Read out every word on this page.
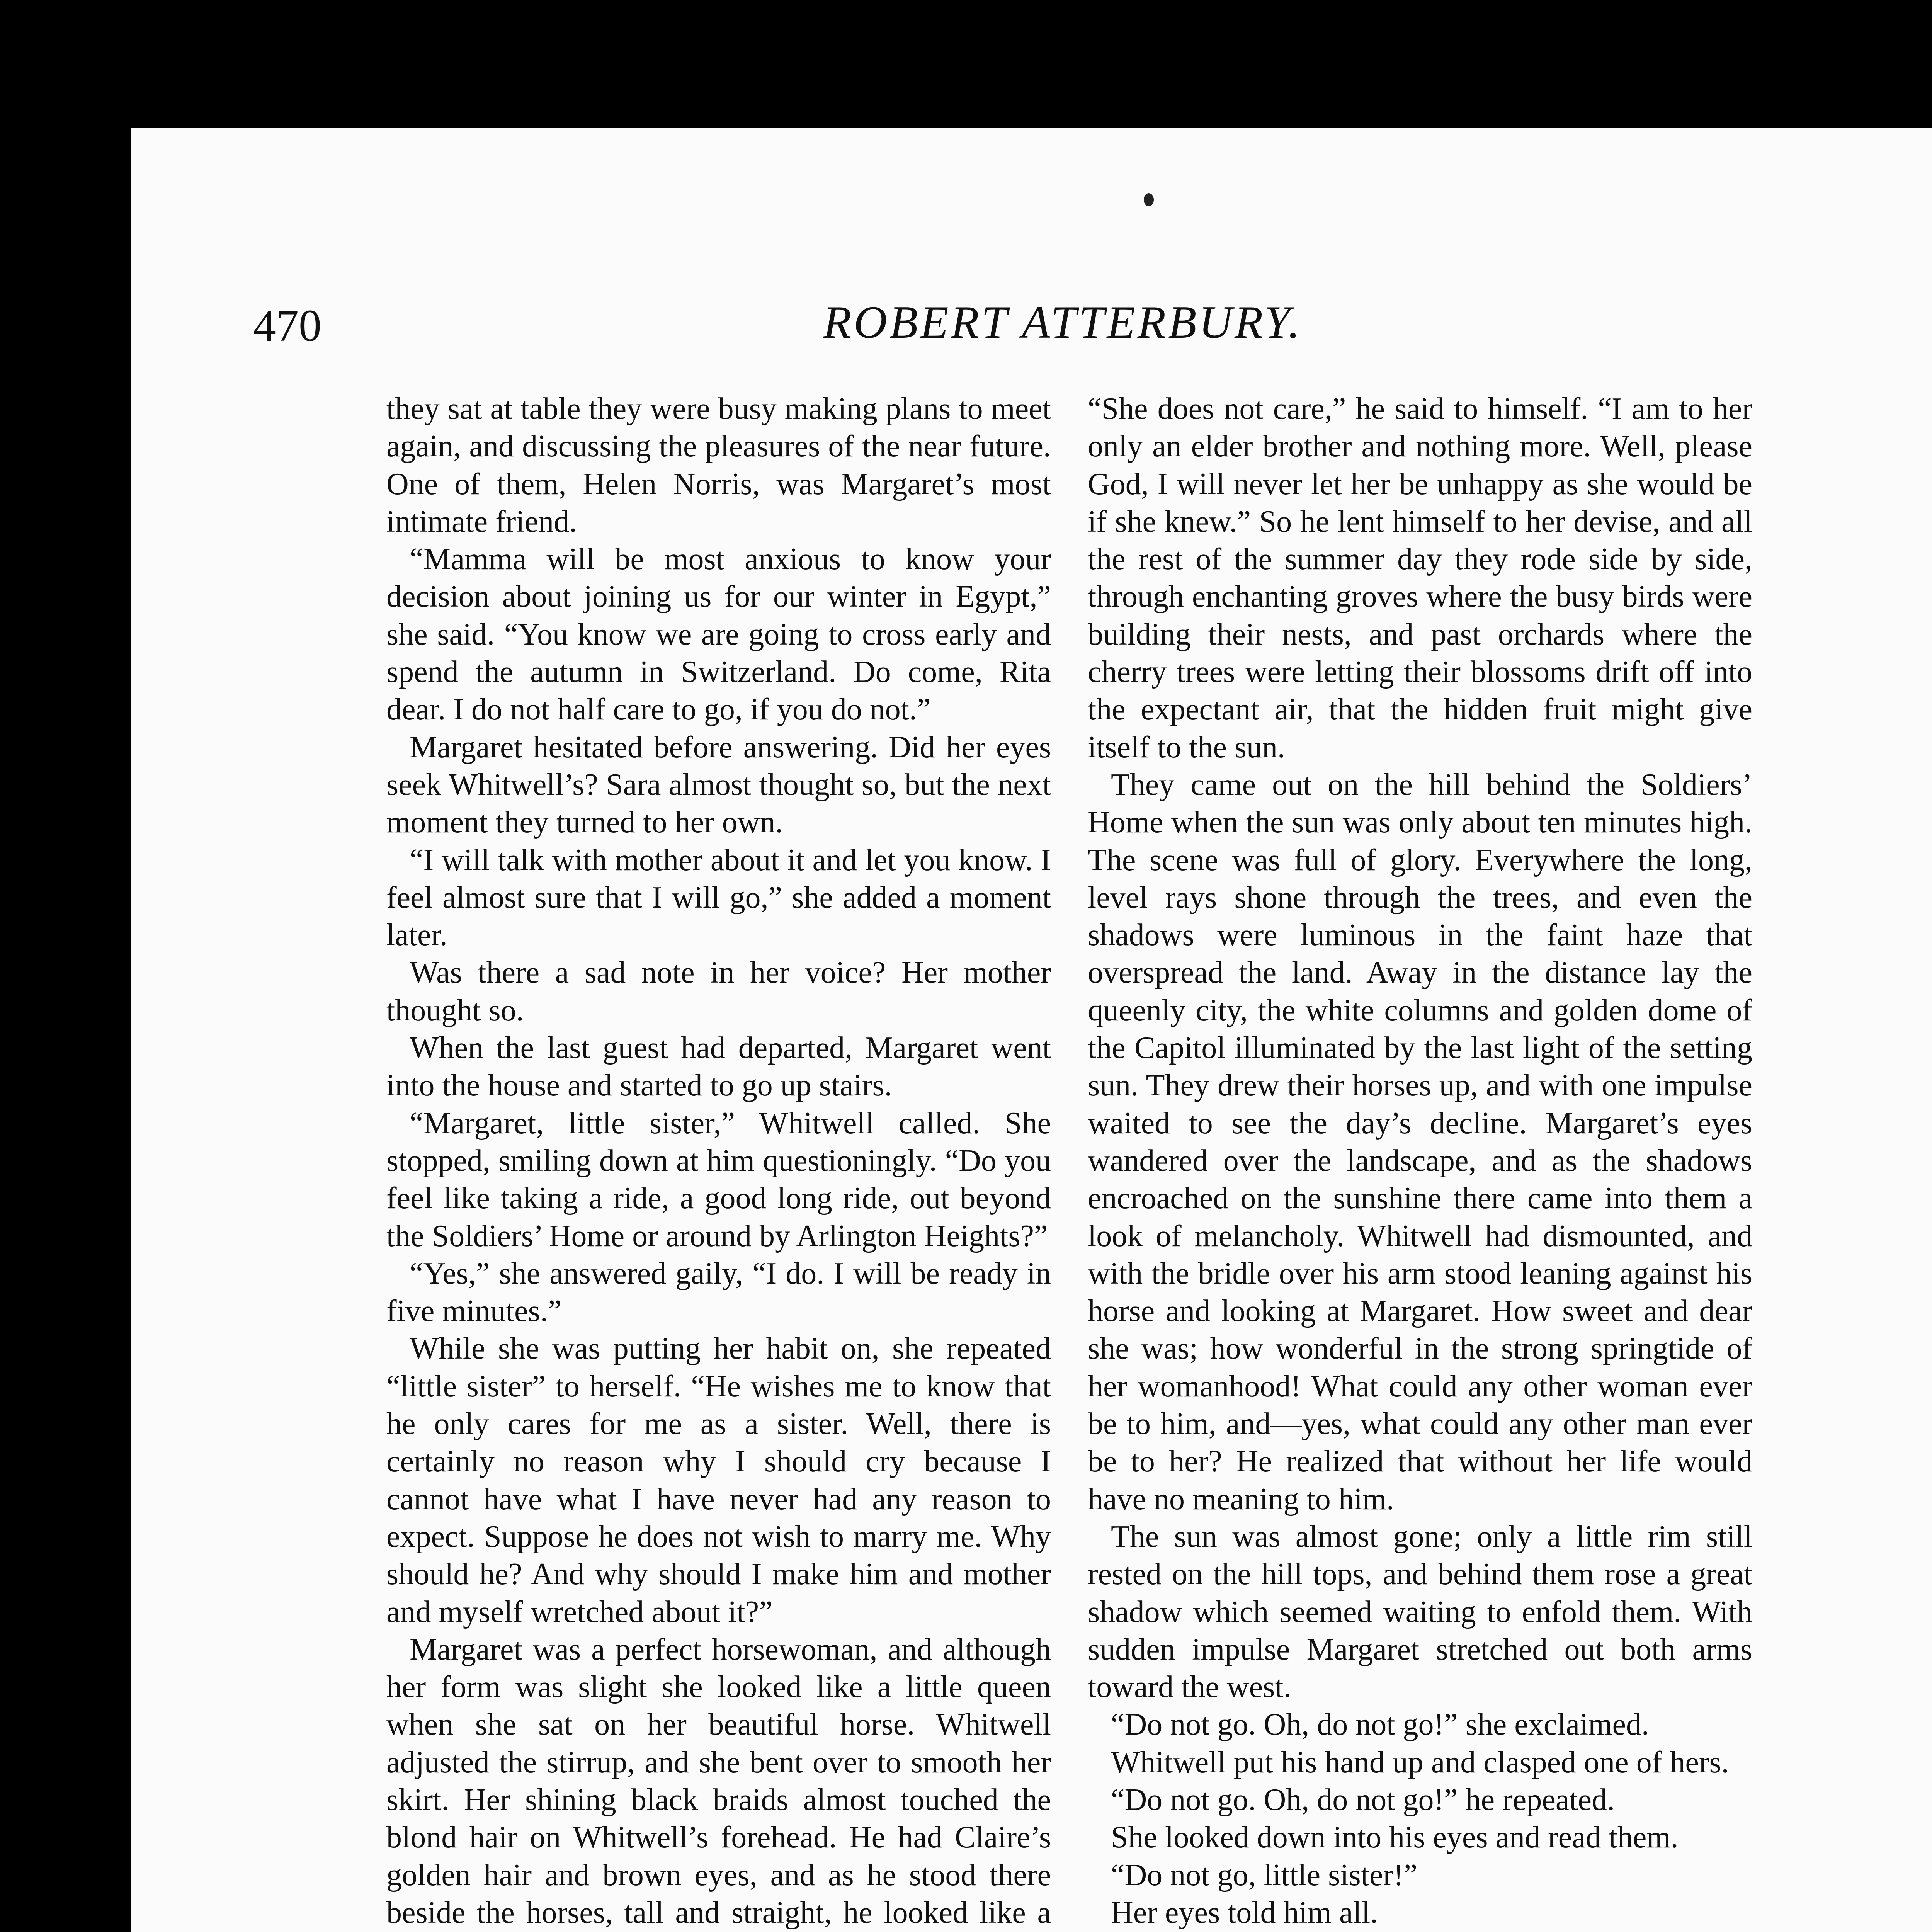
470	ROBERT ATTERBURY.

they sat at table they were busy making plans to meet again, and discussing the pleasures of the near future. One of them, Helen Norris, was Margaret’s most intimate friend.

“Mamma will be most anxious to know your decision about joining us for our winter in Egypt,” she said. “You know we are going to cross early and spend the autumn in Switzerland. Do come, Rita dear. I do not half care to go, if you do not.”

Margaret hesitated before answering. Did her eyes seek Whitwell’s? Sara almost thought so, but the next moment they turned to her own.

“I will talk with mother about it and let you know. I feel almost sure that I will go,” she added a moment later.

Was there a sad note in her voice? Her mother thought so.

When the last guest had departed, Margaret went into the house and started to go up stairs.

“Margaret, little sister,” Whitwell called. She stopped, smiling down at him questioningly. “Do you feel like taking a ride, a good long ride, out beyond the Soldiers’ Home or around by Arlington Heights?”

“Yes,” she answered gaily, “I do. I will be ready in five minutes.”

While she was putting her habit on, she repeated “little sister” to herself. “He wishes me to know that he only cares for me as a sister. Well, there is certainly no reason why I should cry because I cannot have what I have never had any reason to expect. Suppose he does not wish to marry me. Why should he? And why should I make him and mother and myself wretched about it?”

Margaret was a perfect horsewoman, and although her form was slight she looked like a little queen when she sat on her beautiful horse. Whitwell adjusted the stirrup, and she bent over to smooth her skirt. Her shining black braids almost touched the blond hair on Whitwell’s forehead. He had Claire’s golden hair and brown eyes, and as he stood there beside the horses, tall and straight, he looked like a

“She does not care,” he said to himself. “I am to her only an elder brother and nothing more. Well, please God, I will never let her be unhappy as she would be if she knew.” So he lent himself to her devise, and all the rest of the summer day they rode side by side, through enchanting groves where the busy birds were building their nests, and past orchards where the cherry trees were letting their blossoms drift off into the expectant air, that the hidden fruit might give itself to the sun.

They came out on the hill behind the Soldiers’ Home when the sun was only about ten minutes high. The scene was full of glory. Everywhere the long, level rays shone through the trees, and even the shadows were luminous in the faint haze that overspread the land. Away in the distance lay the queenly city, the white columns and golden dome of the Capitol illuminated by the last light of the setting sun. They drew their horses up, and with one impulse waited to see the day’s decline. Margaret’s eyes wandered over the landscape, and as the shadows encroached on the sunshine there came into them a look of melancholy. Whitwell had dismounted, and with the bridle over his arm stood leaning against his horse and looking at Margaret. How sweet and dear she was; how wonderful in the strong springtide of her womanhood! What could any other woman ever be to him, and—yes, what could any other man ever be to her? He realized that without her life would have no meaning to him.

The sun was almost gone; only a little rim still rested on the hill tops, and behind them rose a great shadow which seemed waiting to enfold them. With sudden impulse Margaret stretched out both arms toward the west.

“Do not go. Oh, do not go!” she exclaimed.

Whitwell put his hand up and clasped one of hers.

“Do not go. Oh, do not go!” he repeated.

She looked down into his eyes and read them.

“Do not go, little sister!”

Her eyes told him all.
